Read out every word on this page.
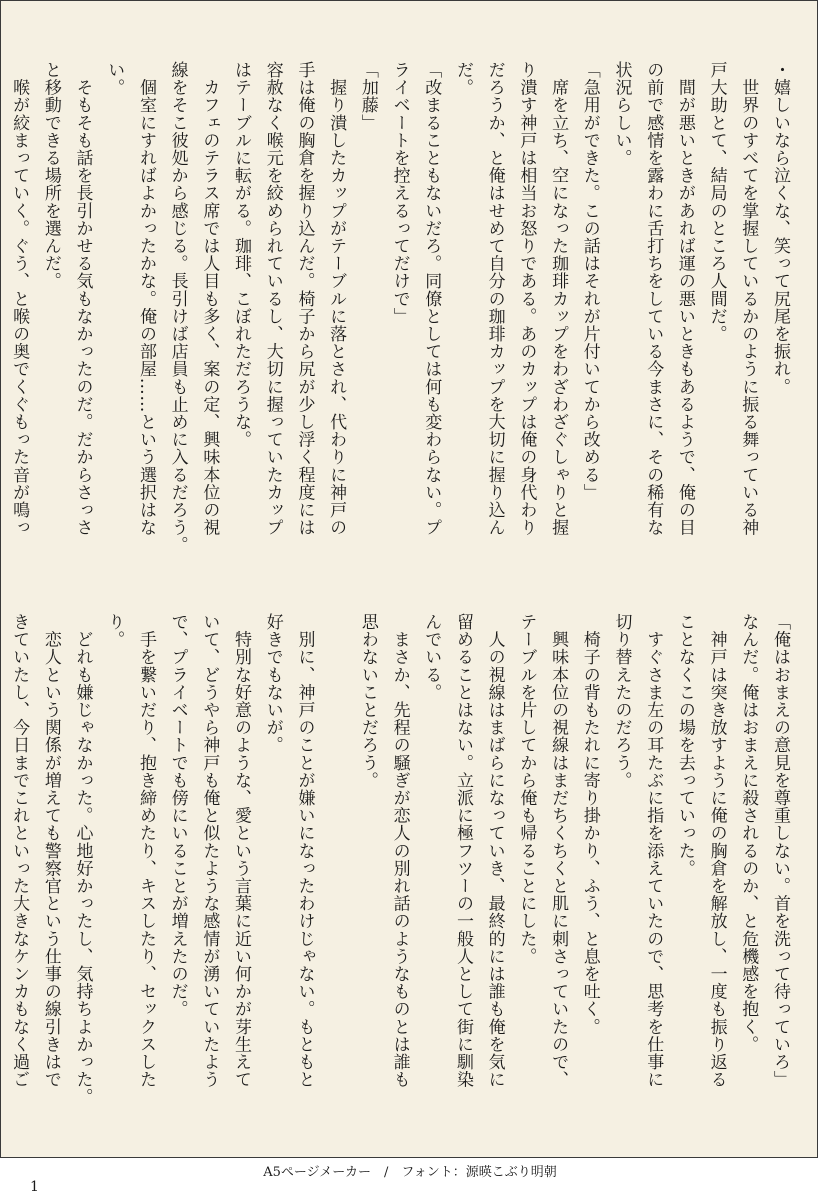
・嬉しいなら泣くな、笑って尻尾を振れ。

　世界のすべてを掌握しているかのように振る舞っている神

戸大助とて、結局のところ人間だ。

　間が悪いときがあれば運の悪いときもあるようで、俺の目

の前で感情を露わに舌打ちをしている今まさに、その稀有な

状況らしい。

「急用ができた。この話はそれが片付いてから改める」

　席を立ち、空になった珈琲カップをわざわざぐしゃりと握

り潰す神戸は相当お怒りである。あのカップは俺の身代わり

だろうか、と俺はせめて自分の珈琲カップを大切に握り込ん

だ。

「改まることもないだろ。同僚としては何も変わらない。プ

ライベートを控えるってだけで」

「加藤」

　握り潰したカップがテーブルに落とされ、代わりに神戸の

手は俺の胸倉を握り込んだ。椅子から尻が少し浮く程度には

容赦なく喉元を絞められているし、大切に握っていたカップ

はテーブルに転がる。珈琲、こぼれただろうな。

　カフェのテラス席では人目も多く、案の定、興味本位の視

線をそこ彼処から感じる。長引けば店員も止めに入るだろう。

　個室にすればよかったかな。俺の部屋……という選択はな

い。

　そもそも話を長引かせる気もなかったのだ。だからさっさ

と移動できる場所を選んだ。

　喉が絞まっていく。ぐう、と喉の奥でくぐもった音が鳴っ

「俺はおまえの意見を尊重しない。首を洗って待っていろ」

なんだ。俺はおまえに殺されるのか、と危機感を抱く。

　神戸は突き放すように俺の胸倉を解放し、一度も振り返る

ことなくこの場を去っていった。

　すぐさま左の耳たぶに指を添えていたので、思考を仕事に

切り替えたのだろう。

　椅子の背もたれに寄り掛かり、ふう、と息を吐く。

　興味本位の視線はまだちくちくと肌に刺さっていたので、

テーブルを片してから俺も帰ることにした。

　人の視線はまばらになっていき、最終的には誰も俺を気に

留めることはない。立派に極フツーの一般人として街に馴染

んでいる。

　まさか、先程の騒ぎが恋人の別れ話のようなものとは誰も

思わないことだろう。

　別に、神戸のことが嫌いになったわけじゃない。もともと

好きでもないが。

　特別な好意のような、愛という言葉に近い何かが芽生えて

いて、どうやら神戸も俺と似たような感情が湧いていたよう

で、プライベートでも傍にいることが増えたのだ。

　手を繋いだり、抱き締めたり、キスしたり、セックスした

り。

　どれも嫌じゃなかった。心地好かったし、気持ちよかった。

　恋人という関係が増えても警察官という仕事の線引きはで

きていたし、今日までこれといった大きなケンカもなく過ご

1
A5ページメーカー　/　フォント：源暎こぶり明朝
